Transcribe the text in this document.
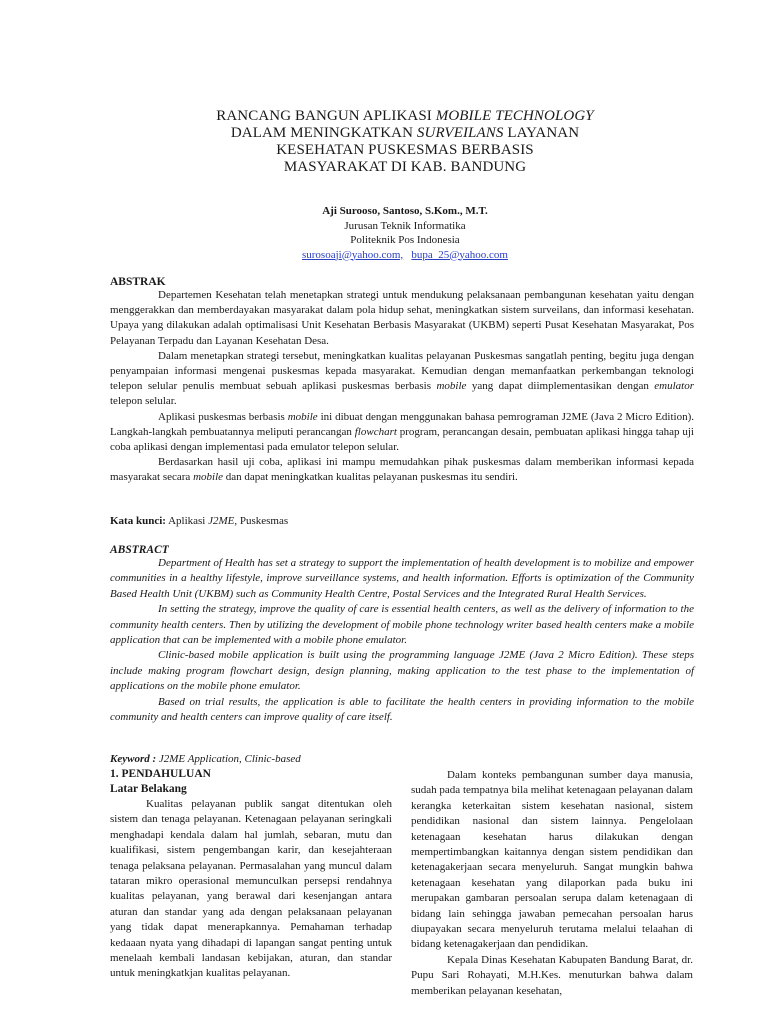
RANCANG BANGUN APLIKASI MOBILE TECHNOLOGY
DALAM MENINGKATKAN SURVEILANS LAYANAN
KESEHATAN PUSKESMAS BERBASIS
MASYARAKAT DI KAB. BANDUNG
Aji Surooso, Santoso, S.Kom., M.T.
Jurusan Teknik Informatika
Politeknik Pos Indonesia
surosoaji@yahoo.com, bupa_25@yahoo.com
ABSTRAK

Departemen Kesehatan telah menetapkan strategi untuk mendukung pelaksanaan pembangunan kesehatan yaitu dengan menggerakkan dan memberdayakan masyarakat dalam pola hidup sehat, meningkatkan sistem surveilans, dan informasi kesehatan. Upaya yang dilakukan adalah optimalisasi Unit Kesehatan Berbasis Masyarakat (UKBM) seperti Pusat Kesehatan Masyarakat, Pos Pelayanan Terpadu dan Layanan Kesehatan Desa.

Dalam menetapkan strategi tersebut, meningkatkan kualitas pelayanan Puskesmas sangatlah penting, begitu juga dengan penyampaian informasi mengenai puskesmas kepada masyarakat. Kemudian dengan memanfaatkan perkembangan teknologi telepon selular penulis membuat sebuah aplikasi puskesmas berbasis mobile yang dapat diimplementasikan dengan emulator telepon selular.

Aplikasi puskesmas berbasis mobile ini dibuat dengan menggunakan bahasa pemrograman J2ME (Java 2 Micro Edition). Langkah-langkah pembuatannya meliputi perancangan flowchart program, perancangan desain, pembuatan aplikasi hingga tahap uji coba aplikasi dengan implementasi pada emulator telepon selular.

Berdasarkan hasil uji coba, aplikasi ini mampu memudahkan pihak puskesmas dalam memberikan informasi kepada masyarakat secara mobile dan dapat meningkatkan kualitas pelayanan puskesmas itu sendiri.

Kata kunci: Aplikasi J2ME, Puskesmas
ABSTRACT

Department of Health has set a strategy to support the implementation of health development is to mobilize and empower communities in a healthy lifestyle, improve surveillance systems, and health information. Efforts is optimization of the Community Based Health Unit (UKBM) such as Community Health Centre, Postal Services and the Integrated Rural Health Services.

In setting the strategy, improve the quality of care is essential health centers, as well as the delivery of information to the community health centers. Then by utilizing the development of mobile phone technology writer based health centers make a mobile application that can be implemented with a mobile phone emulator.

Clinic-based mobile application is built using the programming language J2ME (Java 2 Micro Edition). These steps include making program flowchart design, design planning, making application to the test phase to the implementation of applications on the mobile phone emulator.

Based on trial results, the application is able to facilitate the health centers in providing information to the mobile community and health centers can improve quality of care itself.

Keyword : J2ME Application, Clinic-based
1. PENDAHULUAN
Latar Belakang

Kualitas pelayanan publik sangat ditentukan oleh sistem dan tenaga pelayanan. Ketenagaan pelayanan seringkali menghadapi kendala dalam hal jumlah, sebaran, mutu dan kualifikasi, sistem pengembangan karir, dan kesejahteraan tenaga pelaksana pelayanan. Permasalahan yang muncul dalam tataran mikro operasional memunculkan persepsi rendahnya kualitas pelayanan, yang berawal dari kesenjangan antara aturan dan standar yang ada dengan pelaksanaan pelayanan yang tidak dapat menerapkannya. Pemahaman terhadap kedaaan nyata yang dihadapi di lapangan sangat penting untuk menelaah kembali landasan kebijakan, aturan, dan standar untuk meningkatkjan kualitas pelayanan.

Dalam konteks pembangunan sumber daya manusia, sudah pada tempatnya bila melihat ketenagaan pelayanan dalam kerangka keterkaitan sistem kesehatan nasional, sistem pendidikan nasional dan sistem lainnya. Pengelolaan ketenagaan kesehatan harus dilakukan dengan mempertimbangkan kaitannya dengan sistem pendidikan dan ketenagakerjaan secara menyeluruh. Sangat mungkin bahwa ketenagaan kesehatan yang dilaporkan pada buku ini merupakan gambaran persoalan serupa dalam ketenagaan di bidang lain sehingga jawaban pemecahan persoalan harus diupayakan secara menyeluruh terutama melalui telaahan di bidang ketenagakerjaan dan pendidikan.

Kepala Dinas Kesehatan Kabupaten Bandung Barat, dr. Pupu Sari Rohayati, M.H.Kes. menuturkan bahwa dalam memberikan pelayanan kesehatan,
